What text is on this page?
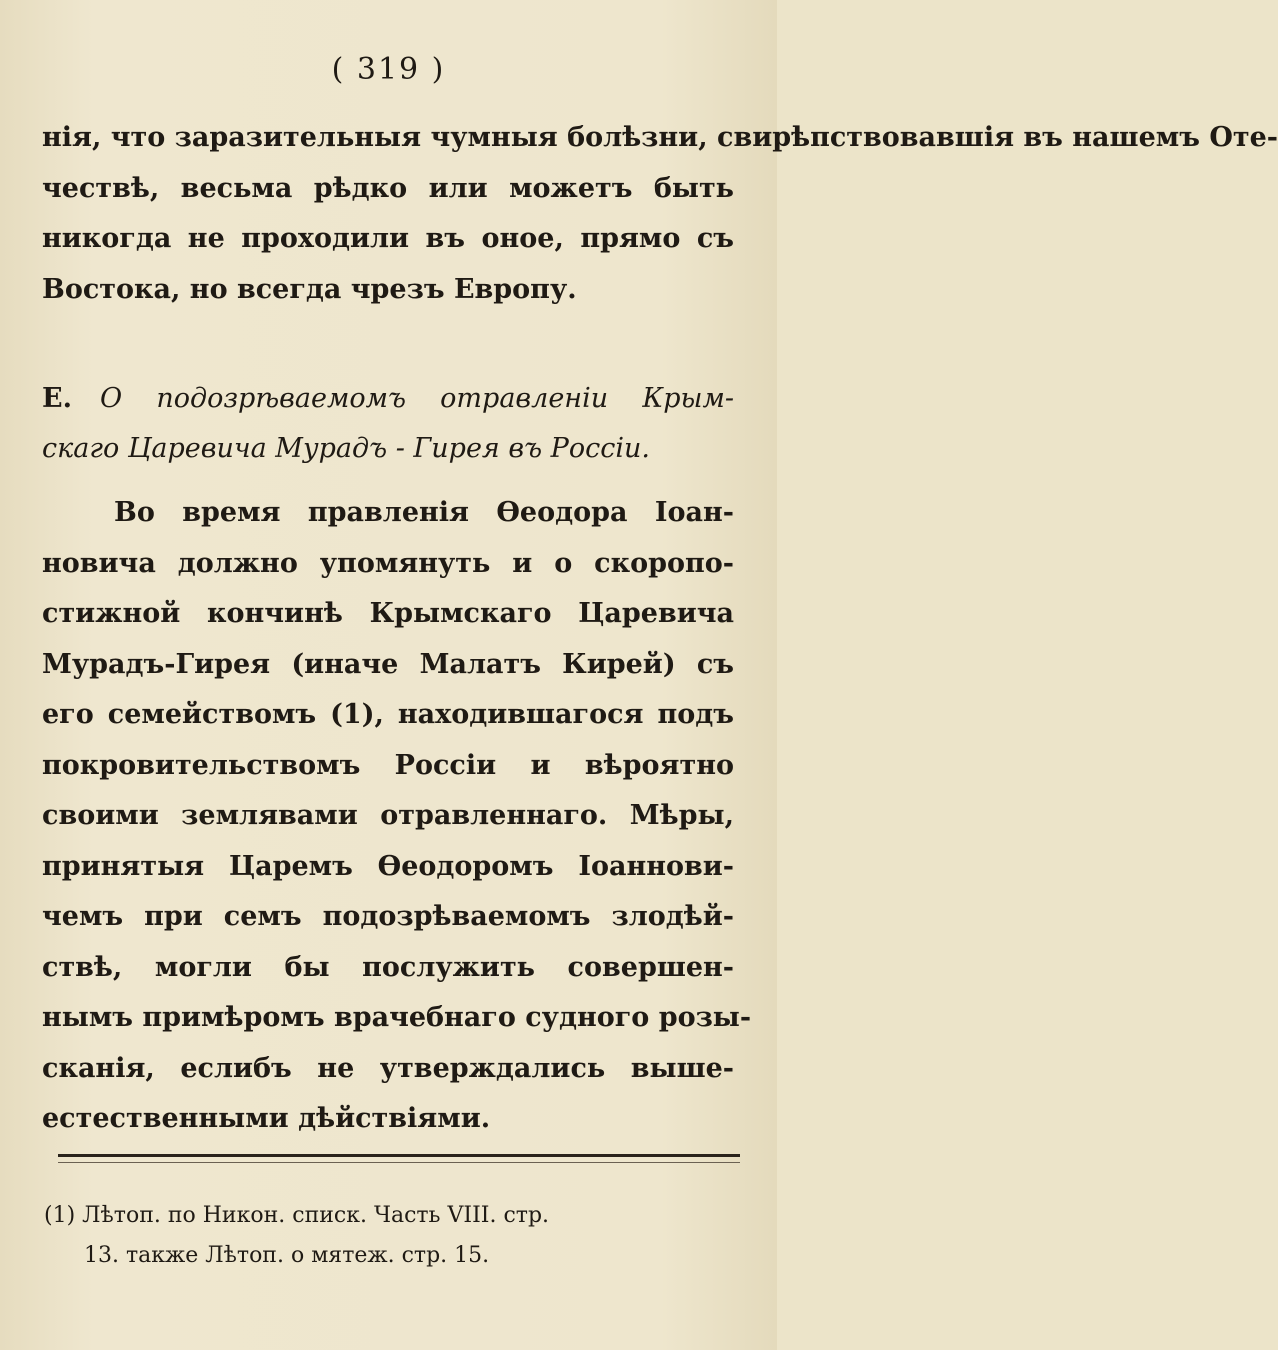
( 319 )
нія, что заразительныя чумныя болѣзни, свирѣпствовавшія въ нашемъ Оте-
чествѣ, весьма рѣдко или можетъ быть
никогда не проходили въ оное, прямо съ
Востока, но всегда чрезъ Европу.
Е. О подозрѣваемомъ отравленіи Крым-
скаго Царевича Мурадъ - Гирея въ Россіи.
Во время правленія Ѳеодора Іоан-
новича должно упомянуть и о скоропо-
стижной кончинѣ Крымскаго Царевича
Мурадъ-Гирея (иначе Малатъ Кирей) съ
его семействомъ (1), находившагося подъ
покровительствомъ Россіи и вѣроятно
своими землявами отравленнаго. Мѣры,
принятыя Царемъ Ѳеодоромъ Іоаннови-
чемъ при семъ подозрѣваемомъ злодѣй-
ствѣ, могли бы послужить совершен-
нымъ примѣромъ врачебнаго судного розы-
сканія, еслибъ не утверждались выше-
естественными дѣйствіями.
(1) Лѣтоп. по Никон. списк. Часть VIII. стр.
13. также Лѣтоп. о мятеж. стр. 15.
